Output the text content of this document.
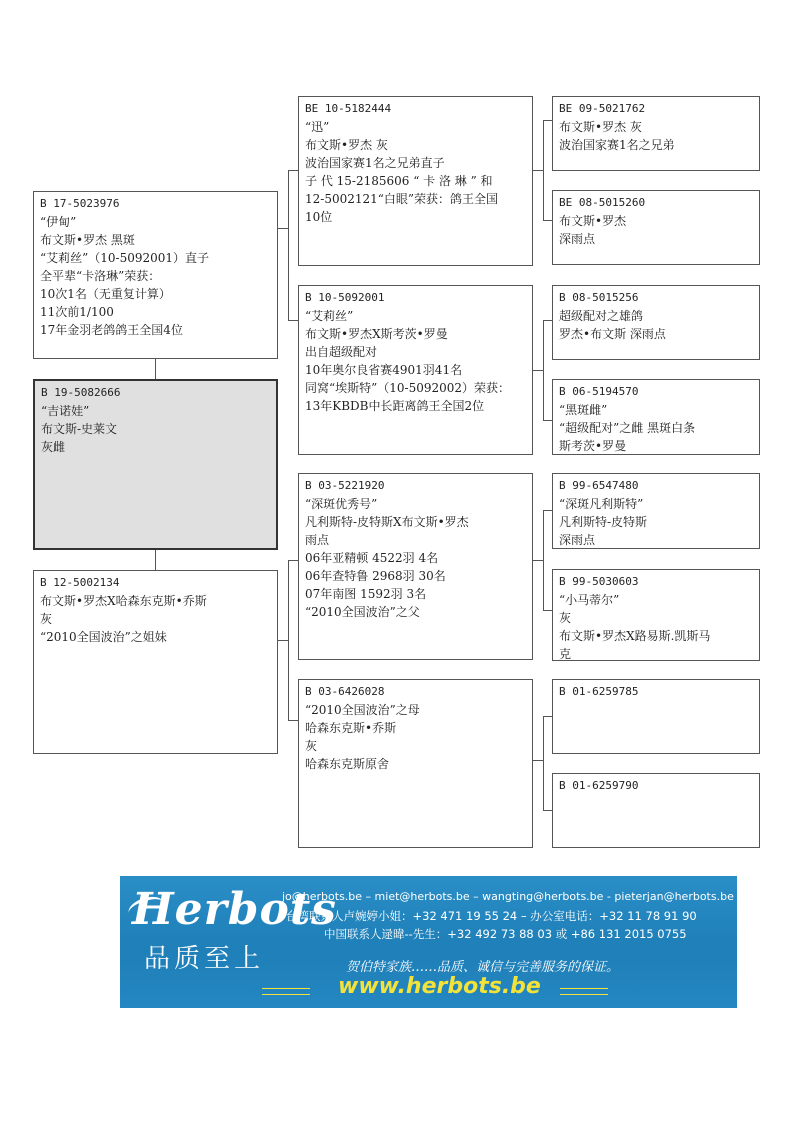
B 17-5023976
“伊甸”
布文斯•罗杰 黑斑
“艾莉丝”（10-5092001）直子
全平辈“卡洛琳”荣获：
10次1名（无重复计算）
11次前1/100
17年金羽老鸽鸽王全国4位
B 19-5082666
“吉诺娃”
布文斯-史莱文
灰雌
B 12-5002134
布文斯•罗杰X哈森东克斯•乔斯
灰
“2010全国波治”之姐妹
BE 10-5182444
“迅”
布文斯•罗杰 灰
波治国家赛1名之兄弟直子
子 代 15-2185606 “ 卡 洛 琳 ” 和
12-5002121“白眼”荣获：鸽王全国
10位
B 10-5092001
“艾莉丝”
布文斯•罗杰X斯考茨•罗曼
出自超级配对
10年奥尔良省赛4901羽41名
同窝“埃斯特”（10-5092002）荣获：
13年KBDB中长距离鸽王全国2位
B 03-5221920
“深斑优秀号”
凡利斯特-皮特斯X布文斯•罗杰
雨点
06年亚精顿 4522羽 4名
06年查特鲁 2968羽 30名
07年南图 1592羽 3名
“2010全国波治”之父
B 03-6426028
“2010全国波治”之母
哈森东克斯•乔斯
灰
哈森东克斯原舍
BE 09-5021762
布文斯•罗杰 灰
波治国家赛1名之兄弟
BE 08-5015260
布文斯•罗杰
深雨点
B 08-5015256
超级配对之雄鸽
罗杰•布文斯 深雨点
B 06-5194570
“黑斑雌”
“超级配对”之雌 黑斑白条
斯考茨•罗曼
B 99-6547480
“深斑凡利斯特”
凡利斯特-皮特斯
深雨点
B 99-5030603
“小马蒂尔”
灰
布文斯•罗杰X路易斯.凯斯马
克
B 01-6259785
B 01-6259790
Herbots
品质至上
jo@herbots.be – miet@herbots.be – wangting@herbots.be - pieterjan@herbots.be
台湾联系人卢婉婷小姐：+32 471 19 55 24 – 办公室电话：+32 11 78 91 90
中国联系人逯暐--先生：+32 492 73 88 03 或 +86 131 2015 0755
贺伯特家族……品质、诚信与完善服务的保证。
www.herbots.be
